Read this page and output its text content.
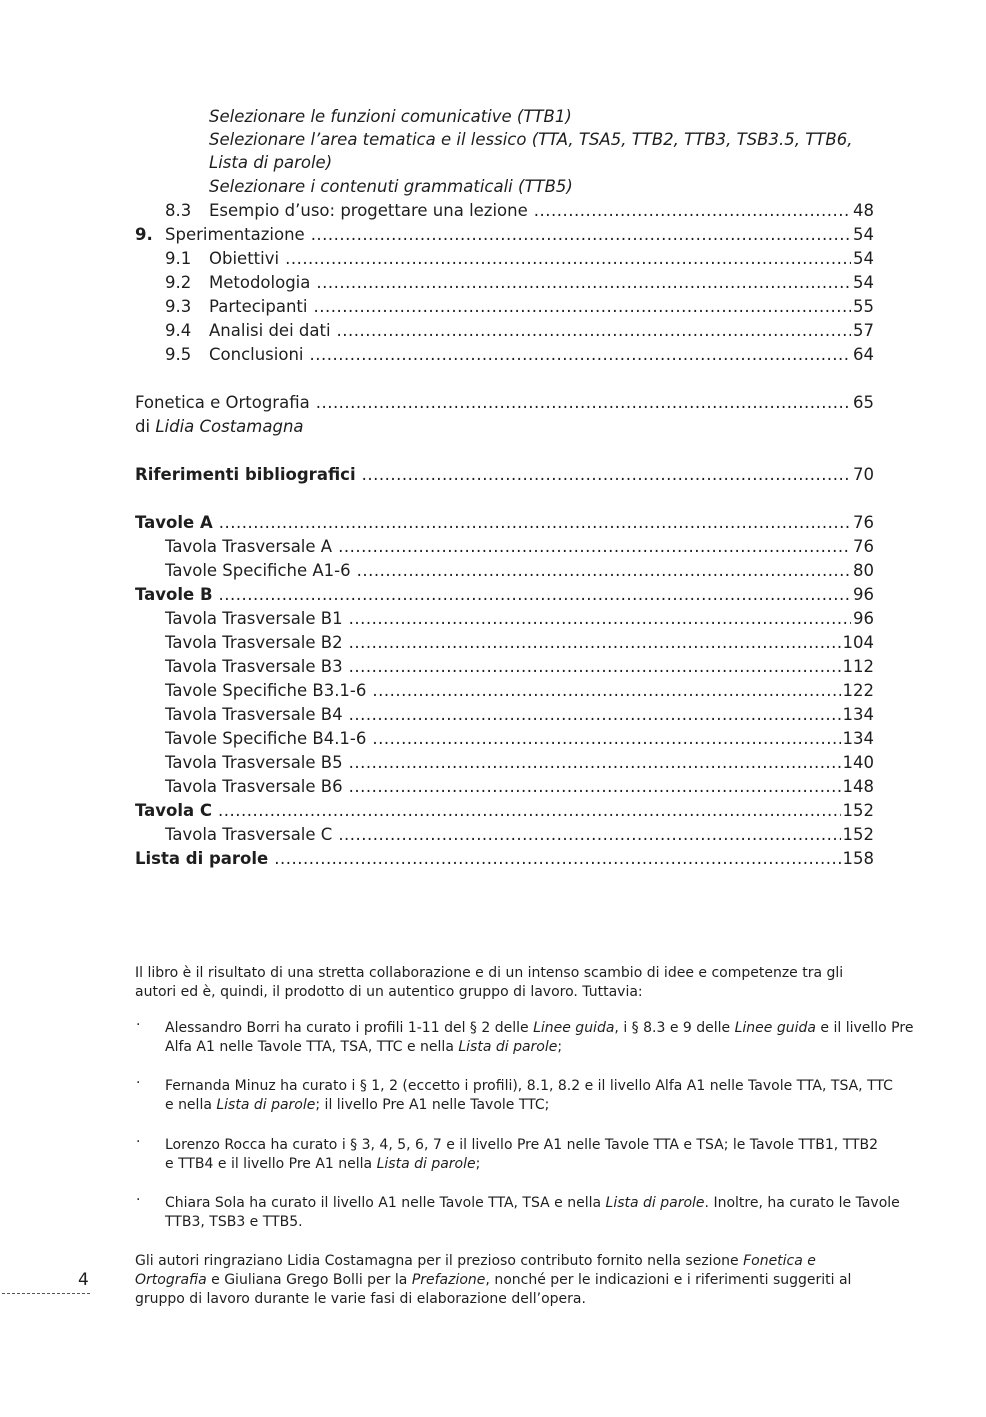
Selezionare le funzioni comunicative (TTB1)
Selezionare l’area tematica e il lessico (TTA, TSA5, TTB2, TTB3, TSB3.5, TTB6,
Lista di parole)
Selezionare i contenuti grammaticali (TTB5)
8.3 Esempio d’uso: progettare una lezione .....	48
9. Sperimentazione .....	54
9.1 Obiettivi .....	54
9.2 Metodologia .....	54
9.3 Partecipanti .....	55
9.4 Analisi dei dati .....	57
9.5 Conclusioni .....	64
Fonetica e Ortografia .....	65
Riferimenti bibliografici .....	70
Tavole A .....	76
Tavola Trasversale A .....	76
Tavole Specifiche A1-6 .....	80
Tavole B .....	96
Tavola Trasversale B1 .....	96
Tavola Trasversale B2 .....	104
Tavola Trasversale B3 .....	112
Tavole Specifiche B3.1-6 .....	122
Tavola Trasversale B4 .....	134
Tavole Specifiche B4.1-6 .....	134
Tavola Trasversale B5 .....	140
Tavola Trasversale B6 .....	148
Tavola C .....	152
Tavola Trasversale C .....	152
Lista di parole .....	158
di Lidia Costamagna
Il libro è il risultato di una stretta collaborazione e di un intenso scambio di idee e competenze tra gli
autori ed è, quindi, il prodotto di un autentico gruppo di lavoro. Tuttavia:
· Alessandro Borri ha curato i profili 1-11 del § 2 delle Linee guida, i § 8.3 e 9 delle Linee guida e il livello Pre
Alfa A1 nelle Tavole TTA, TSA, TTC e nella Lista di parole;
· Fernanda Minuz ha curato i § 1, 2 (eccetto i profili), 8.1, 8.2 e il livello Alfa A1 nelle Tavole TTA, TSA, TTC
e nella Lista di parole; il livello Pre A1 nelle Tavole TTC;
· Lorenzo Rocca ha curato i § 3, 4, 5, 6, 7 e il livello Pre A1 nelle Tavole TTA e TSA; le Tavole TTB1, TTB2
e TTB4 e il livello Pre A1 nella Lista di parole;
· Chiara Sola ha curato il livello A1 nelle Tavole TTA, TSA e nella Lista di parole. Inoltre, ha curato le Tavole
TTB3, TSB3 e TTB5.
Gli autori ringraziano Lidia Costamagna per il prezioso contributo fornito nella sezione Fonetica e
Ortografia e Giuliana Grego Bolli per la Prefazione, nonché per le indicazioni e i riferimenti suggeriti al
gruppo di lavoro durante le varie fasi di elaborazione dell’opera.
4
